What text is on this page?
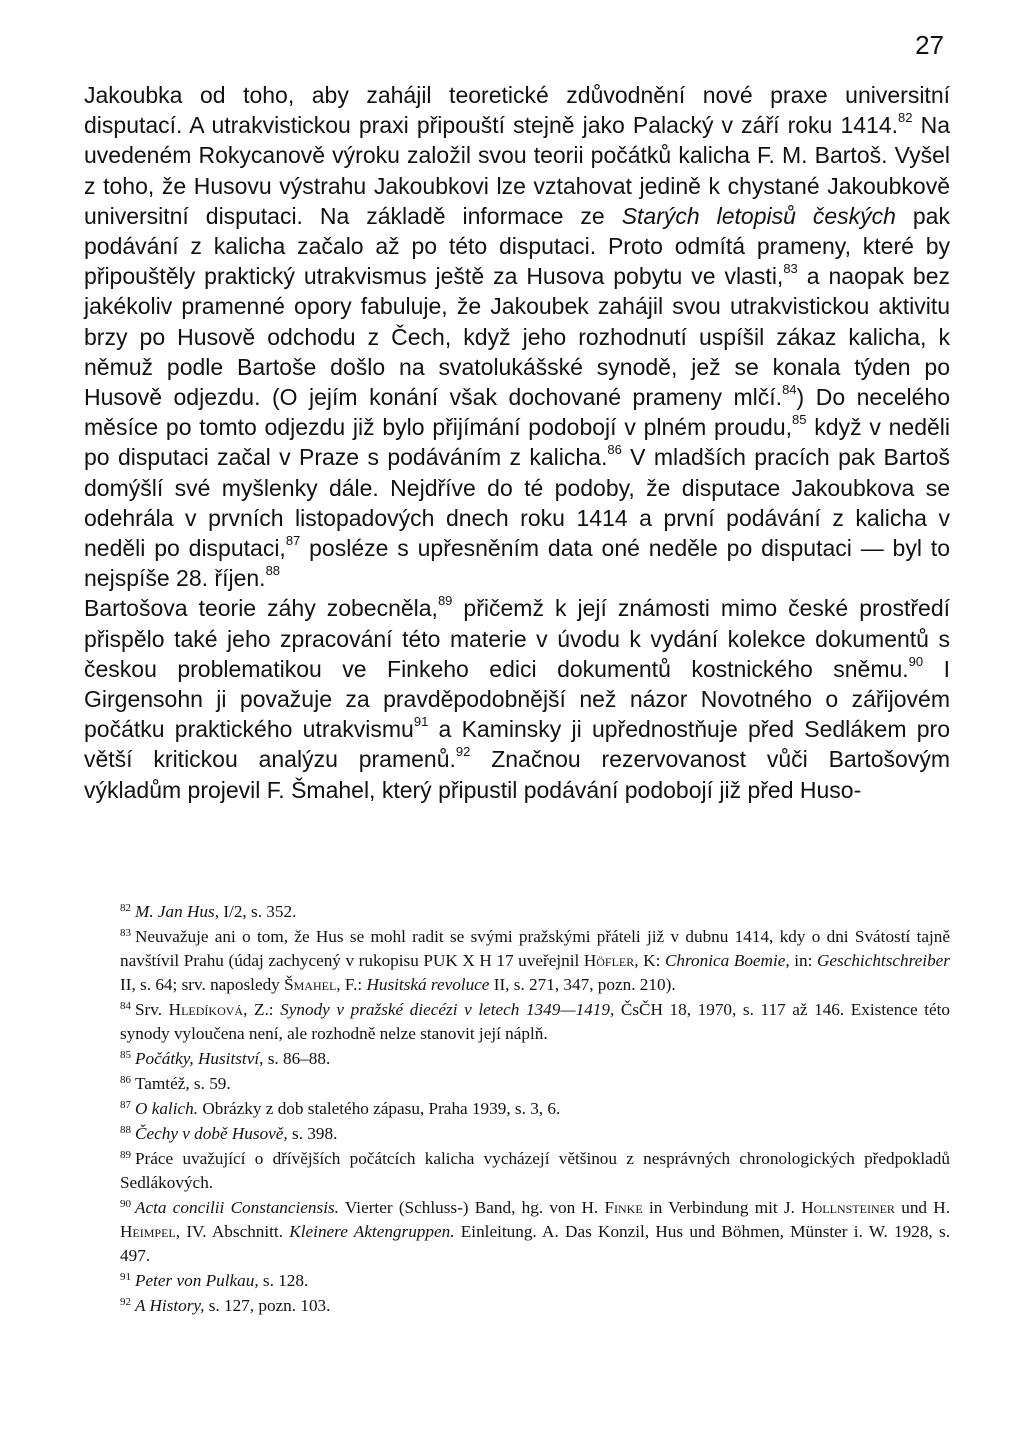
27

Jakoubka od toho, aby zahájil teoretické zdůvodnění nové praxe universitní disputací. A utrakvistickou praxi připouští stejně jako Palacký v září roku 1414.82 Na uvedeném Rokycanově výroku založil svou teorii počátků kalicha F. M. Bartoš. Vyšel z toho, že Husovu výstrahu Jakoubkovi lze vztahovat jedině k chystané Jakoubkově universitní disputaci. Na základě informace ze Starých letopisů českých pak podávání z kalicha začalo až po této disputaci. Proto odmítá prameny, které by připouštěly praktický utrakvismus ještě za Husova pobytu ve vlasti,$^{83}$ a naopak bez jakékoliv pramenné opory fabuluje, že Jakoubek zahájil svou utrakvistickou aktivitu brzy po Husově odchodu z Čech, když jeho rozhodnutí uspíšil zákaz kalicha, k němuž podle Bartoše došlo na svatolukášské synodě, jež se konala týden po Husově odjezdu. (O jejím konání však dochované prameny mlčí.$^{84}$) Do necelého měsíce po tomto odjezdu již bylo přijímání podobojí v plném proudu,$^{85}$ když v neděli po disputaci začal v Praze s podáváním z kalicha.$^{86}$ V mladších pracích pak Bartoš domýšlí své myšlenky dále. Nejdříve do té podoby, že disputace Jakoubkova se odehrála v prvních listopadových dnech roku 1414 a první podávání z kalicha v neděli po disputaci,$^{87}$ posléze s upřesněním data oné neděle po disputaci — byl to nejspíše 28. říjen.$^{88}$

Bartošova teorie záhy zobecněla,$^{89}$ přičemž k její známosti mimo české prostředí přispělo také jeho zpracování této materie v úvodu k vydání kolekce dokumentů s českou problematikou ve Finkeho edici dokumentů kostnického sněmu.$^{90}$ I Girgensohn ji považuje za pravděpodobnější než názor Novotného o zářijovém počátku praktického utrakvismu$^{91}$ a Kaminsky ji upřednostňuje před Sedlákem pro větší kritickou analýzu pramenů.$^{92}$ Značnou rezervovanost vůči Bartošovým výkladům projevil F. Šmahel, který připustil podávání podobojí již před Huso-

$^{82}$ M. Jan Hus, I/2, s. 352.

$^{83}$ Neuvažuje ani o tom, že Hus se mohl radit se svými pražskými přáteli již v dubnu 1414, kdy o dni Svátostí tajně navštívil Prahu (údaj zachycený v rukopisu PUK X H 17 uveřejnil Höfler, K: Chronica Boemie, in: Geschichtschreiber II, s. 64; srv. naposledy Šmahel, F.: Husitská revoluce II, s. 271, 347, pozn. 210).

$^{84}$ Srv. Hledíková, Z.: Synody v pražské diecézi v letech 1349—1419, ČsČH 18, 1970, s. 117 až 146. Existence této synody vyloučena není, ale rozhodně nelze stanovit její náplň.

$^{85}$ Počátky, Husitství, s. 86–88.

$^{86}$ Tamtéž, s. 59.

$^{87}$ O kalich. Obrázky z dob staletého zápasu, Praha 1939, s. 3, 6.

$^{88}$ Čechy v době Husově, s. 398.

$^{89}$ Práce uvažující o dřívějších počátcích kalicha vycházejí většinou z nesprávných chronologických předpokladů Sedlákových.

$^{90}$ Acta concilii Constanciensis. Vierter (Schluss-) Band, hg. von H. Finke in Verbindung mit J. Hollnsteiner und H. Heimpel, IV. Abschnitt. Kleinere Aktengruppen. Einleitung. A. Das Konzil, Hus und Böhmen, Münster i. W. 1928, s. 497.

$^{91}$ Peter von Pulkau, s. 128.

$^{92}$ A History, s. 127, pozn. 103.
